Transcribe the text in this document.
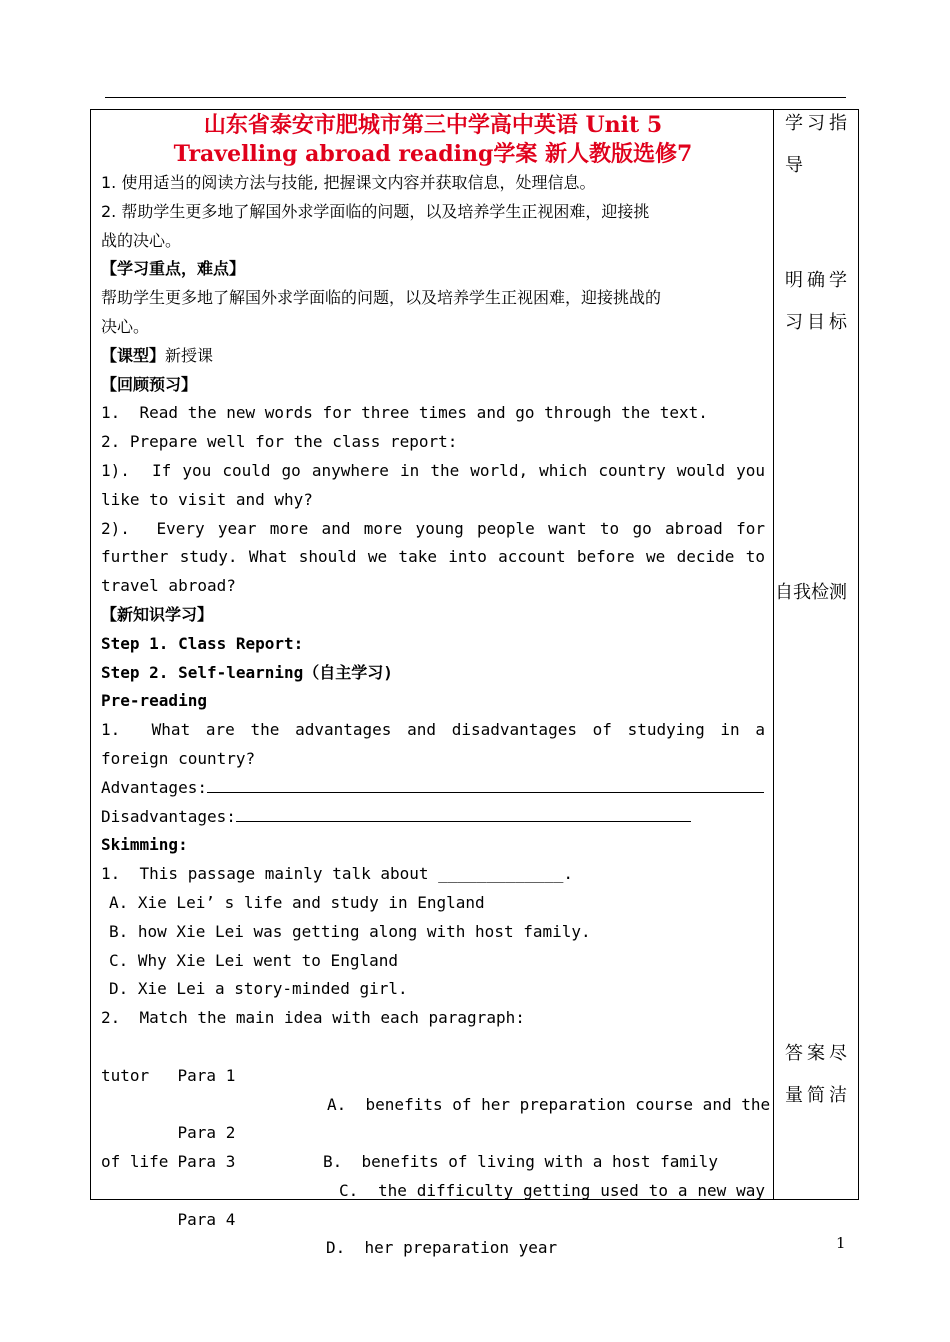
山东省泰安市肥城市第三中学高中英语 Unit 5

Travelling abroad reading学案 新人教版选修7

1. 使用适当的阅读方法与技能, 把握课文内容并获取信息，处理信息。
2. 帮助学生更多地了解国外求学面临的问题，以及培养学生正视困难，迎接挑
战的决心。
【学习重点，难点】
帮助学生更多地了解国外求学面临的问题，以及培养学生正视困难，迎接挑战的
决心。
【课型】新授课
【回顾预习】
1.  Read the new words for three times and go through the text.
2. Prepare well for the class report:
1).  If you could go anywhere in the world, which country would you
like to visit and why?
2).  Every year more and more young people want to go abroad for
further study. What should we take into account before we decide to
travel abroad?
【新知识学习】
Step 1. Class Report:
Step 2. Self-learning（自主学习)
Pre-reading
1.  What are the advantages and disadvantages of studying in a
foreign country?
Advantages:
Disadvantages:
Skimming:
1.  This passage mainly talk about _____________.
A. Xie Lei’ s life and study in England
B. how Xie Lei was getting along with host family.
C. Why Xie Lei went to England
D. Xie Lei a story-minded girl.
2.  Match the main idea with each paragraph:

Para 1

A.  benefits of her preparation course and the

tutor

Para 2

B.  benefits of living with a host family

Para 3

C.  the difficulty getting used to a new way

of life

Para 4

D.  her preparation year

学习指
导
明确学
习目标
自我检测
答案尽
量简洁
1
